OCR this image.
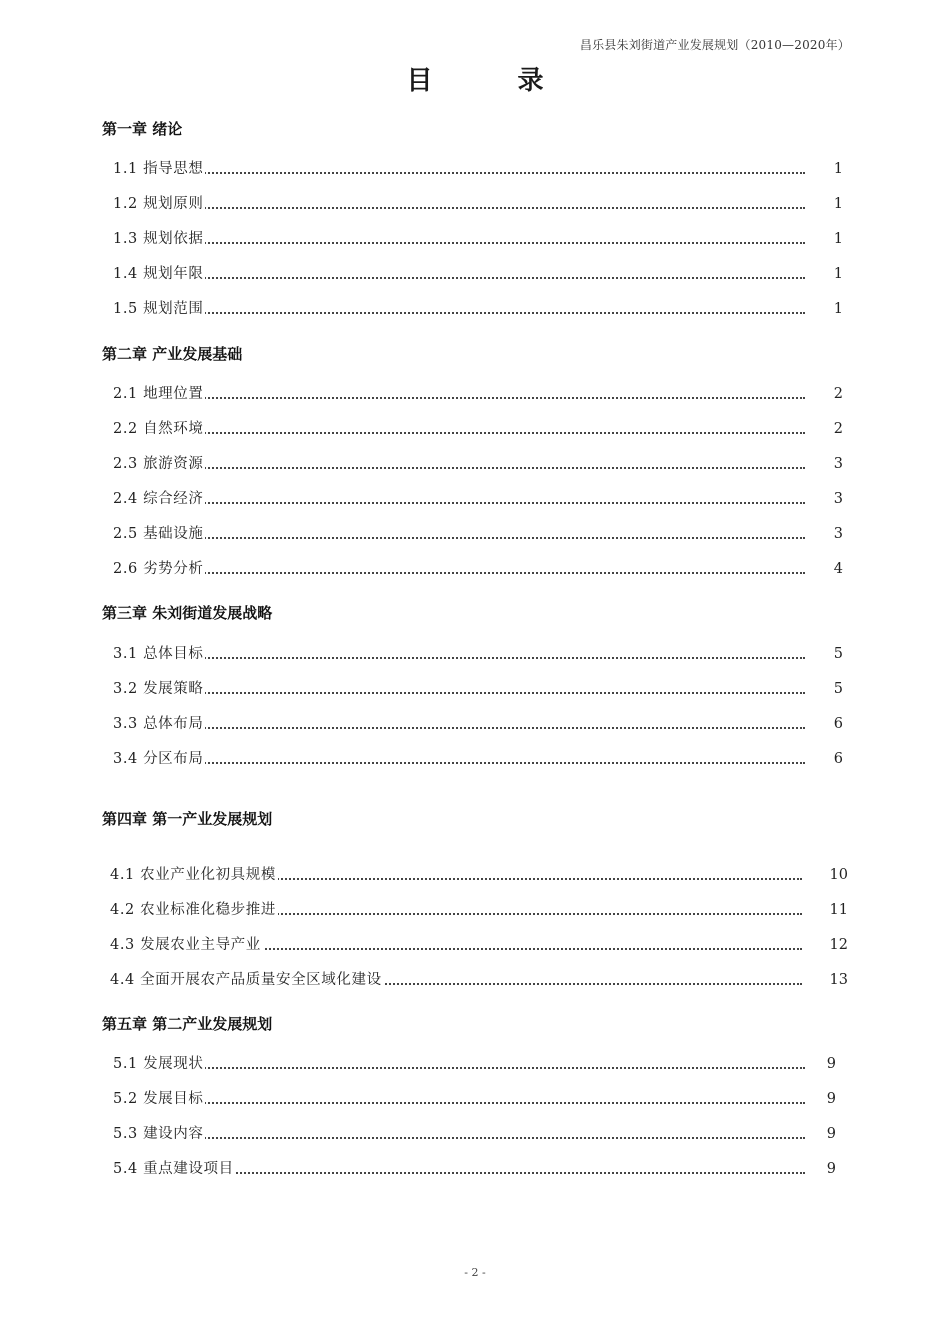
昌乐县朱刘街道产业发展规划（2010—2020年）
目 录
第一章 绪论
1.1 指导思想	1
1.2 规划原则	1
1.3 规划依据	1
1.4 规划年限	1
1.5 规划范围	1
第二章 产业发展基础
2.1 地理位置	2
2.2 自然环境	2
2.3 旅游资源	3
2.4 综合经济	3
2.5 基础设施	3
2.6 劣势分析	4
第三章 朱刘街道发展战略
3.1 总体目标	5
3.2 发展策略	5
3.3 总体布局	6
3.4 分区布局	6
第四章 第一产业发展规划
4.1 农业产业化初具规模	10
4.2 农业标准化稳步推进	11
4.3 发展农业主导产业	12
4.4 全面开展农产品质量安全区域化建设	13
第五章 第二产业发展规划
5.1 发展现状	9
5.2 发展目标	9
5.3 建设内容	9
5.4 重点建设项目	9
- 2 -
